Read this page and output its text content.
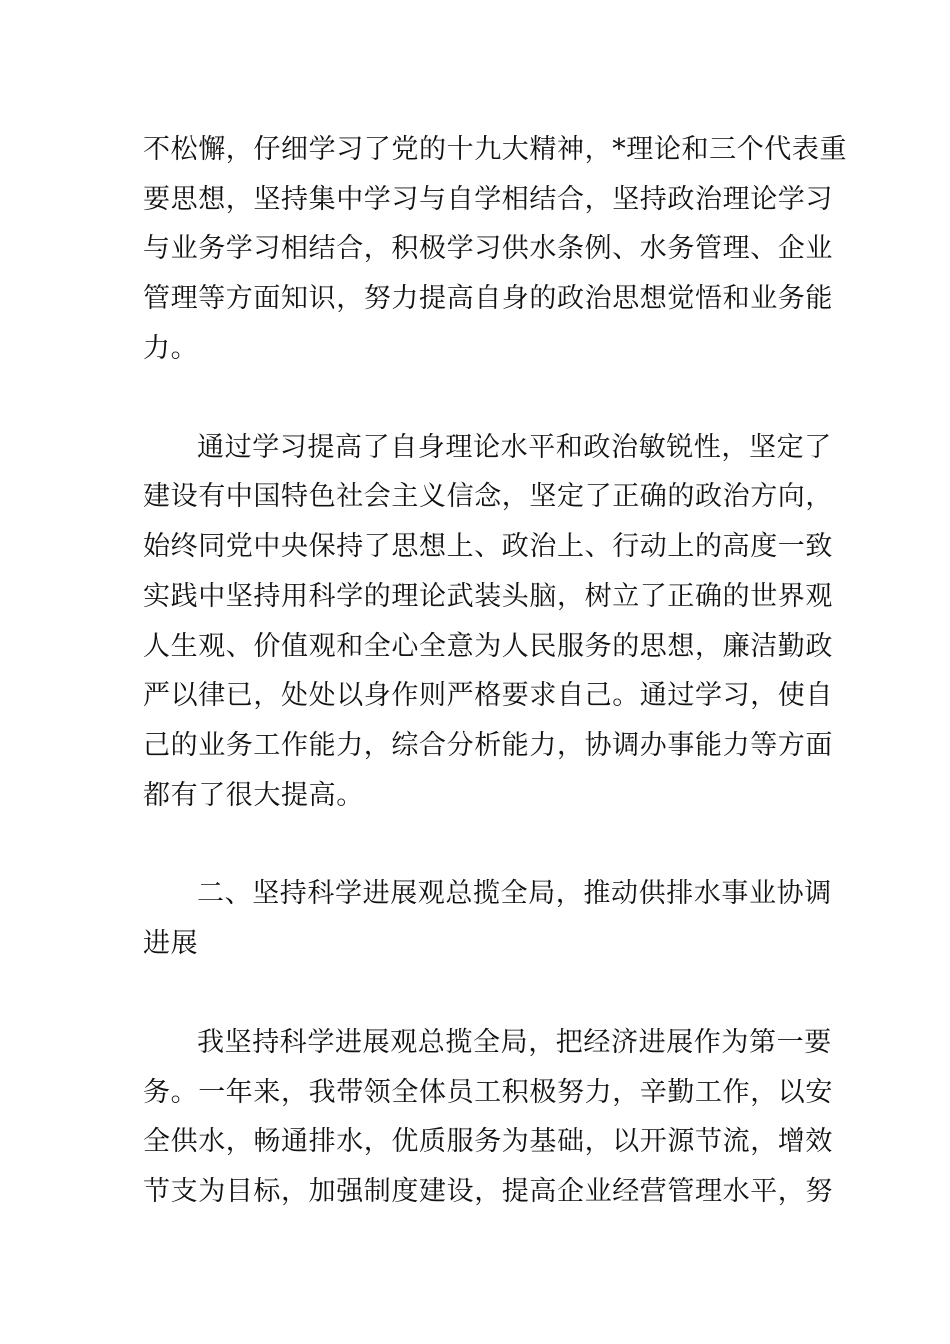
不松懈，仔细学习了党的十九大精神，*理论和三个代表重
要思想，坚持集中学习与自学相结合，坚持政治理论学习
与业务学习相结合，积极学习供水条例、水务管理、企业
管理等方面知识，努力提高自身的政治思想觉悟和业务能
力。
通过学习提高了自身理论水平和政治敏锐性，坚定了
建设有中国特色社会主义信念，坚定了正确的政治方向，
始终同党中央保持了思想上、政治上、行动上的高度一致
实践中坚持用科学的理论武装头脑，树立了正确的世界观
人生观、价值观和全心全意为人民服务的思想，廉洁勤政
严以律已，处处以身作则严格要求自己。通过学习，使自
己的业务工作能力，综合分析能力，协调办事能力等方面
都有了很大提高。
二、坚持科学进展观总揽全局，推动供排水事业协调
进展
我坚持科学进展观总揽全局，把经济进展作为第一要
务。一年来，我带领全体员工积极努力，辛勤工作，以安
全供水，畅通排水，优质服务为基础，以开源节流，增效
节支为目标，加强制度建设，提高企业经营管理水平，努
